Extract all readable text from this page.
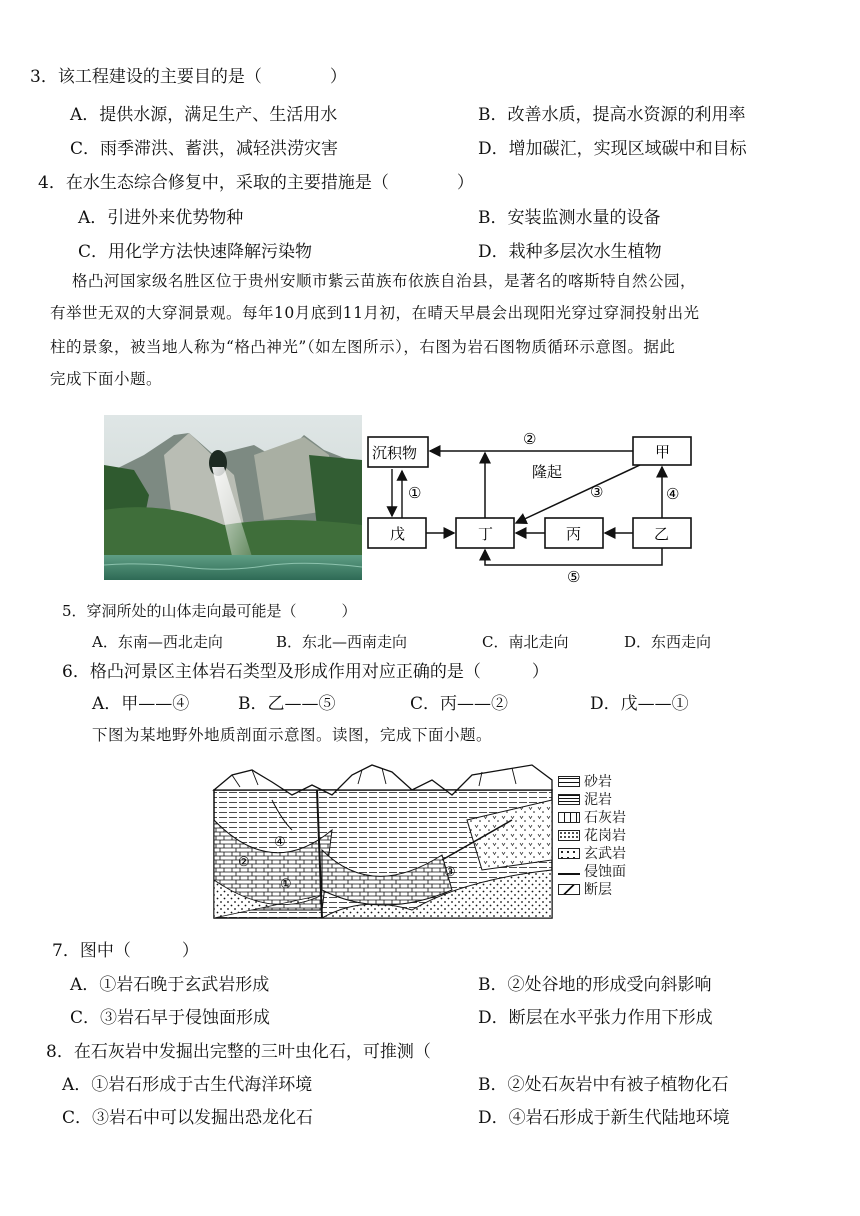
3．该工程建设的主要目的是（　　　　）
A．提供水源，满足生产、生活用水	B．改善水质，提高水资源的利用率
C．雨季滞洪、蓄洪，减轻洪涝灾害	D．增加碳汇，实现区域碳中和目标
4．在水生态综合修复中，采取的主要措施是（　　　　）
A．引进外来优势物种	B．安装监测水量的设备
C．用化学方法快速降解污染物	D．栽种多层次水生植物
格凸河国家级名胜区位于贵州安顺市紫云苗族布依族自治县，是著名的喀斯特自然公园，
有举世无双的大穿洞景观。每年10月底到11月初，在晴天早晨会出现阳光穿过穿洞投射出光
柱的景象，被当地人称为“格凸神光”（如左图所示），右图为岩石图物质循环示意图。据此
完成下面小题。
沉积物	甲
戊	丁	丙	乙
②
①
隆起
③	④
⑤
5．穿洞所处的山体走向最可能是（　　　）
A．东南—西北走向	B．东北—西南走向	C．南北走向	D．东西走向
6．格凸河景区主体岩石类型及形成作用对应正确的是（　　　）
A．甲——④	B．乙——⑤	C．丙——②	D．戊——①
下图为某地野外地质剖面示意图。读图，完成下面小题。
①
②
③
④
砂岩
泥岩
石灰岩
花岗岩
玄武岩
侵蚀面
断层
7．图中（　　　）
A．①岩石晚于玄武岩形成	B．②处谷地的形成受向斜影响
C．③岩石早于侵蚀面形成	D．断层在水平张力作用下形成
8．在石灰岩中发掘出完整的三叶虫化石，可推测（
A．①岩石形成于古生代海洋环境	B．②处石灰岩中有被子植物化石
C．③岩石中可以发掘出恐龙化石	D．④岩石形成于新生代陆地环境
